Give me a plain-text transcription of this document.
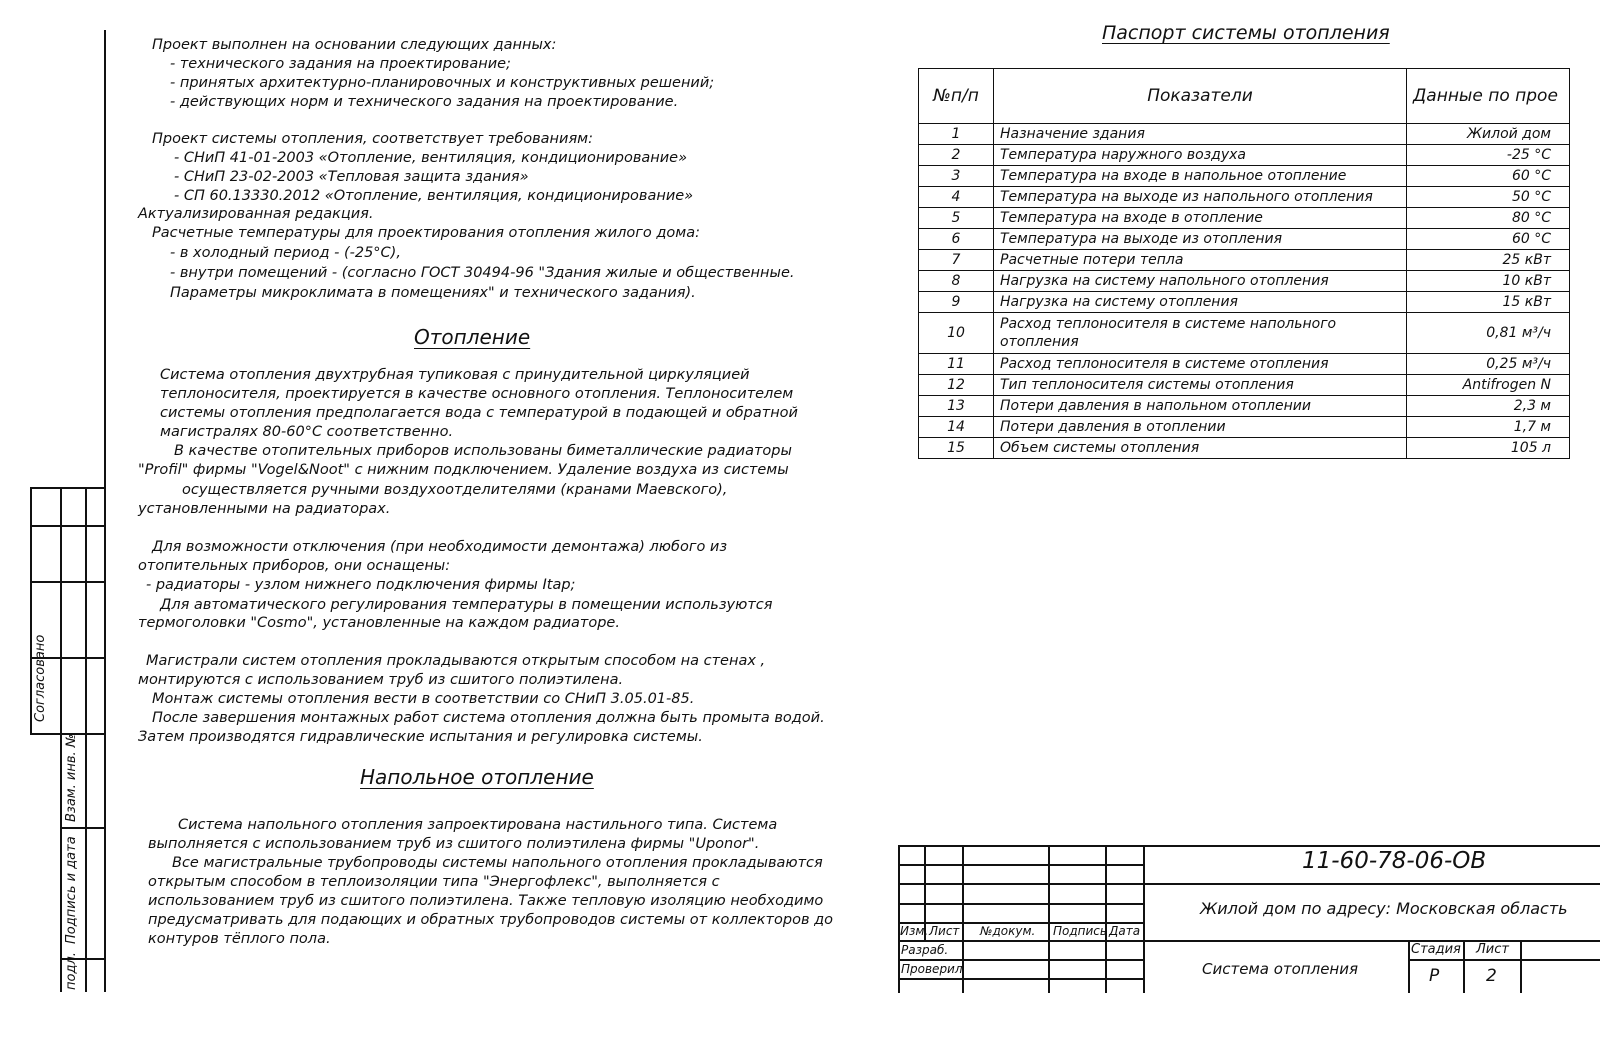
Согласовано
Взам. инв. №
Подпись и дата
подл.
Проект выполнен на основании следующих данных:
- технического задания на проектирование;
- принятых архитектурно-планировочных и конструктивных решений;
- действующих норм и технического задания на проектирование.
Проект системы отопления, соответствует требованиям:
- СНиП 41-01-2003 «Отопление, вентиляция, кондиционирование»
- СНиП 23-02-2003 «Тепловая защита здания»
- СП 60.13330.2012 «Отопление, вентиляция, кондиционирование»
Актуализированная редакция.
Расчетные температуры для проектирования отопления жилого дома:
- в холодный период - (-25°С),
- внутри помещений - (согласно ГОСТ 30494-96 "Здания жилые и общественные.
Параметры микроклимата в помещениях" и технического задания).
Отопление
Система отопления двухтрубная тупиковая с принудительной циркуляцией
теплоносителя, проектируется в качестве основного отопления. Теплоносителем
системы отопления предполагается вода с температурой в подающей и обратной
магистралях 80-60°С соответственно.
В качестве отопительных приборов использованы биметаллические радиаторы
"Profil" фирмы "Vogel&Noot" с нижним подключением. Удаление воздуха из системы
осуществляется ручными воздухоотделителями (кранами Маевского),
установленными на радиаторах.
Для возможности отключения (при необходимости демонтажа) любого из
отопительных приборов, они оснащены:
- радиаторы - узлом нижнего подключения фирмы Itap;
Для автоматического регулирования температуры в помещении используются
термоголовки "Cosmo", установленные на каждом радиаторе.
Магистрали систем отопления прокладываются открытым способом на стенах ,
монтируются с использованием труб из сшитого полиэтилена.
Монтаж системы отопления вести в соответствии со СНиП 3.05.01-85.
После завершения монтажных работ система отопления должна быть промыта водой.
Затем производятся гидравлические испытания и регулировка системы.
Напольное отопление
Система напольного отопления запроектирована настильного типа. Система
выполняется с использованием труб из сшитого полиэтилена фирмы "Uponor".
Все магистральные трубопроводы системы напольного отопления прокладываются
открытым способом в теплоизоляции типа "Энергофлекс", выполняется с
использованием труб из сшитого полиэтилена. Также тепловую изоляцию необходимо
предусматривать для подающих и обратных трубопроводов системы от коллекторов до
контуров тёплого пола.
Паспорт системы отопления
№п/п	Показатели	Данные по прое
1	Назначение здания	Жилой дом
2	Температура наружного воздуха	-25 °С
3	Температура на входе в напольное отопление	60 °С
4	Температура на выходе из напольного отопления	50 °С
5	Температура на входе в отопление	80 °С
6	Температура на выходе из отопления	60 °С
7	Расчетные потери тепла	25 кВт
8	Нагрузка на систему напольного отопления	10 кВт
9	Нагрузка на систему отопления	15 кВт
10	Расход теплоносителя в системе напольного отопления	0,81 м³/ч
11	Расход теплоносителя в системе отопления	0,25 м³/ч
12	Тип теплоносителя системы отопления	Antifrogen N
13	Потери давления в напольном отоплении	2,3 м
14	Потери давления в отоплении	1,7 м
15	Объем системы отопления	105 л
Изм. Лист №докум. Подпись Дата
Разраб.
Проверил
11-60-78-06-ОВ
Жилой дом по адресу: Московская область
Система отопления
Стадия Лист
Р	2
